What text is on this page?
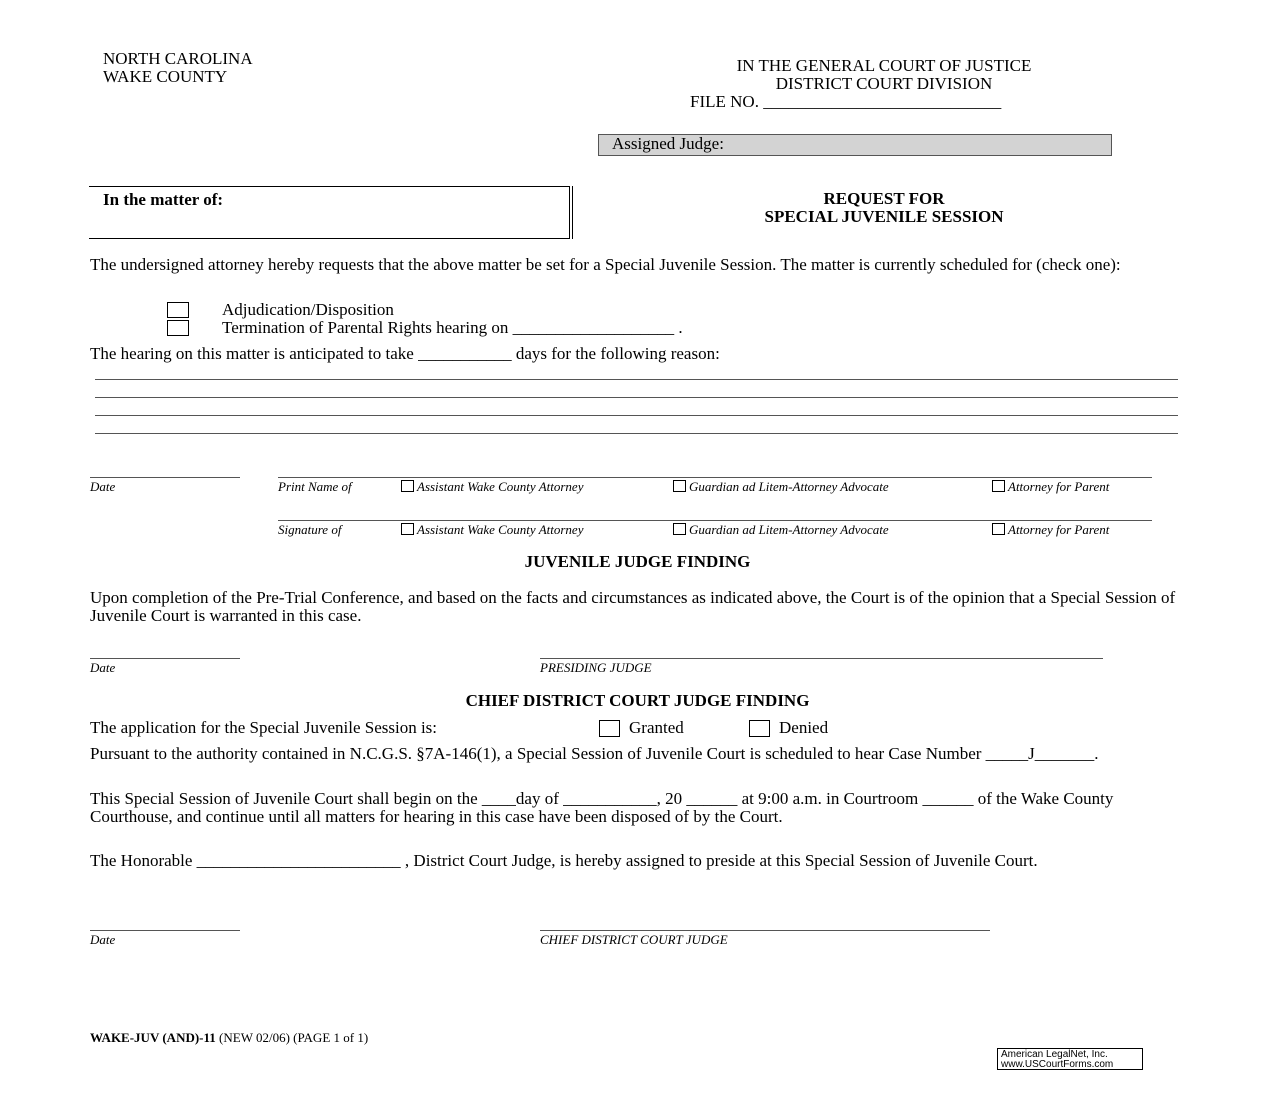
NORTH CAROLINA
WAKE COUNTY
IN THE GENERAL COURT OF JUSTICE
DISTRICT COURT DIVISION
FILE NO. ____________________________
Assigned Judge:
In the matter of:	REQUEST FOR
SPECIAL JUVENILE SESSION
The undersigned attorney hereby requests that the above matter be set for a Special Juvenile Session. The matter is currently scheduled for (check one):
Adjudication/Disposition
Termination of Parental Rights hearing on ___________________ .
The hearing on this matter is anticipated to take ___________ days for the following reason:
Date	Print Name of	Assistant Wake County Attorney	Guardian ad Litem-Attorney Advocate	Attorney for Parent
Signature of	Assistant Wake County Attorney	Guardian ad Litem-Attorney Advocate	Attorney for Parent
JUVENILE JUDGE FINDING
Upon completion of the Pre-Trial Conference, and based on the facts and circumstances as indicated above, the Court is of the opinion that a Special Session of Juvenile Court is warranted in this case.
Date	PRESIDING JUDGE
CHIEF DISTRICT COURT JUDGE FINDING
The application for the Special Juvenile Session is:	Granted	Denied
Pursuant to the authority contained in N.C.G.S. §7A-146(1), a Special Session of Juvenile Court is scheduled to hear Case Number _____J_______.
This Special Session of Juvenile Court shall begin on the ____day of ___________, 20 ______ at 9:00 a.m. in Courtroom ______ of the Wake County Courthouse, and continue until all matters for hearing in this case have been disposed of by the Court.
The Honorable ________________________ , District Court Judge, is hereby assigned to preside at this Special Session of Juvenile Court.
Date	CHIEF DISTRICT COURT JUDGE
WAKE-JUV (AND)-11 (NEW 02/06) (PAGE 1 of 1)
American LegalNet, Inc.
www.USCourtForms.com
